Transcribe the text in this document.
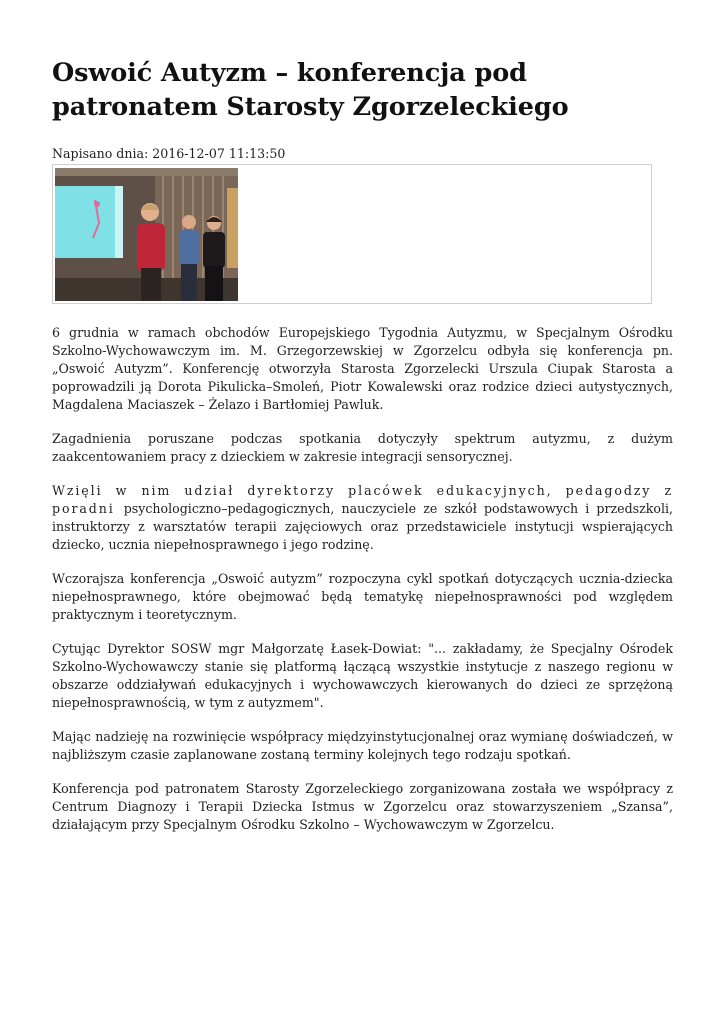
Oswoić Autyzm – konferencja pod patronatem Starosty Zgorzeleckiego
Napisano dnia: 2016-12-07 11:13:50

6 grudnia w ramach obchodów Europejskiego Tygodnia Autyzmu, w Specjalnym Ośrodku Szkolno-Wychowawczym im. M. Grzegorzewskiej w Zgorzelcu odbyła się konferencja pn. „Oswoić Autyzm”. Konferencję otworzyła Starosta Zgorzelecki Urszula Ciupak Starosta a poprowadzili ją Dorota Pikulicka–Smoleń, Piotr Kowalewski oraz rodzice dzieci autystycznych, Magdalena Maciaszek – Żelazo i Bartłomiej Pawluk.

Zagadnienia poruszane podczas spotkania dotyczyły spektrum autyzmu, z dużym zaakcentowaniem pracy z dzieckiem w zakresie integracji sensorycznej.

Wzięli w nim udział dyrektorzy placówek edukacyjnych, pedagodzy z poradni psychologiczno–pedagogicznych, nauczyciele ze szkół podstawowych i przedszkoli, instruktorzy z warsztatów terapii zajęciowych oraz przedstawiciele instytucji wspierających dziecko, ucznia niepełnosprawnego i jego rodzinę.

Wczorajsza konferencja „Oswoić autyzm” rozpoczyna cykl spotkań dotyczących ucznia-dziecka niepełnosprawnego, które obejmować będą tematykę niepełnosprawności pod względem praktycznym i teoretycznym.

Cytując Dyrektor SOSW mgr Małgorzatę Łasek-Dowiat: "... zakładamy, że Specjalny Ośrodek Szkolno-Wychowawczy stanie się platformą łączącą wszystkie instytucje z naszego regionu w obszarze oddziaływań edukacyjnych i wychowawczych kierowanych do dzieci ze sprzężoną niepełnosprawnością, w tym z autyzmem".

Mając nadzieję na rozwinięcie współpracy międzyinstytucjonalnej oraz wymianę doświadczeń, w najbliższym czasie zaplanowane zostaną terminy kolejnych tego rodzaju spotkań.

Konferencja pod patronatem Starosty Zgorzeleckiego zorganizowana została we współpracy z Centrum Diagnozy i Terapii Dziecka Istmus w Zgorzelcu oraz stowarzyszeniem „Szansa”, działającym przy Specjalnym Ośrodku Szkolno – Wychowawczym w Zgorzelcu.
